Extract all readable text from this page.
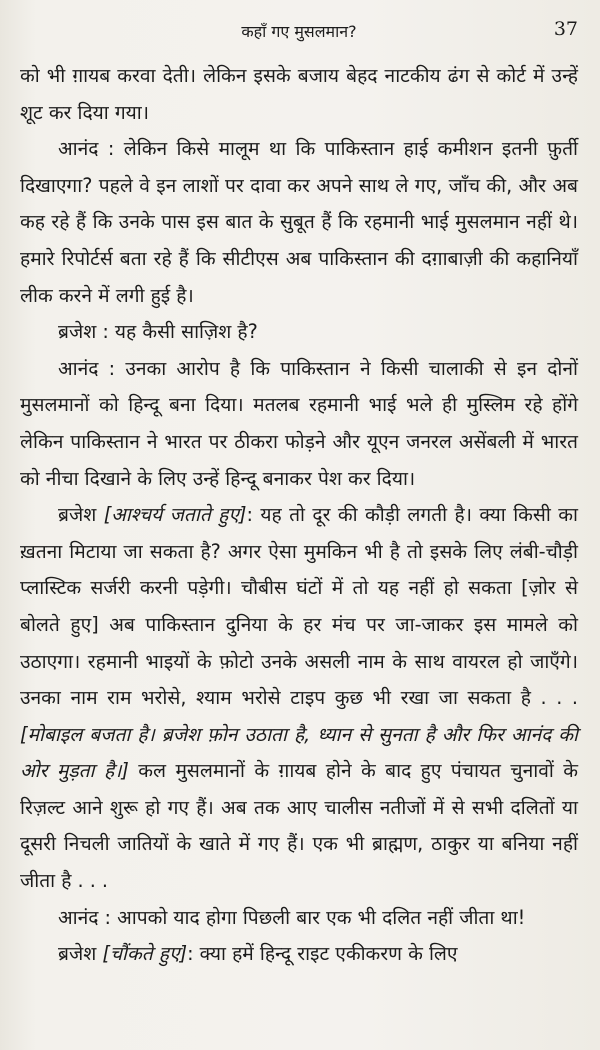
कहाँ गए मुसलमान?	37

को भी ग़ायब करवा देती। लेकिन इसके बजाय बेहद नाटकीय ढंग से कोर्ट में उन्हें शूट कर दिया गया।

आनंद : लेकिन किसे मालूम था कि पाकिस्तान हाई कमीशन इतनी फ़ुर्ती दिखाएगा? पहले वे इन लाशों पर दावा कर अपने साथ ले गए, जाँच की, और अब कह रहे हैं कि उनके पास इस बात के सुबूत हैं कि रहमानी भाई मुसलमान नहीं थे। हमारे रिपोर्टर्स बता रहे हैं कि सीटीएस अब पाकिस्तान की दग़ाबाज़ी की कहानियाँ लीक करने में लगी हुई है।

ब्रजेश : यह कैसी साज़िश है?

आनंद : उनका आरोप है कि पाकिस्तान ने किसी चालाकी से इन दोनों मुसलमानों को हिन्दू बना दिया। मतलब रहमानी भाई भले ही मुस्लिम रहे होंगे लेकिन पाकिस्तान ने भारत पर ठीकरा फोड़ने और यूएन जनरल असेंबली में भारत को नीचा दिखाने के लिए उन्हें हिन्दू बनाकर पेश कर दिया।

ब्रजेश [आश्चर्य जताते हुए]: यह तो दूर की कौड़ी लगती है। क्या किसी का ख़तना मिटाया जा सकता है? अगर ऐसा मुमकिन भी है तो इसके लिए लंबी-चौड़ी प्लास्टिक सर्जरी करनी पड़ेगी। चौबीस घंटों में तो यह नहीं हो सकता [ज़ोर से बोलते हुए] अब पाकिस्तान दुनिया के हर मंच पर जा-जाकर इस मामले को उठाएगा। रहमानी भाइयों के फ़ोटो उनके असली नाम के साथ वायरल हो जाएँगे। उनका नाम राम भरोसे, श्याम भरोसे टाइप कुछ भी रखा जा सकता है . . . [मोबाइल बजता है। ब्रजेश फ़ोन उठाता है, ध्यान से सुनता है और फिर आनंद की ओर मुड़ता है।] कल मुसलमानों के ग़ायब होने के बाद हुए पंचायत चुनावों के रिज़ल्ट आने शुरू हो गए हैं। अब तक आए चालीस नतीजों में से सभी दलितों या दूसरी निचली जातियों के खाते में गए हैं। एक भी ब्राह्मण, ठाकुर या बनिया नहीं जीता है . . .

आनंद : आपको याद होगा पिछली बार एक भी दलित नहीं जीता था!

ब्रजेश [चौंकते हुए]: क्या हमें हिन्दू राइट एकीकरण के लिए
